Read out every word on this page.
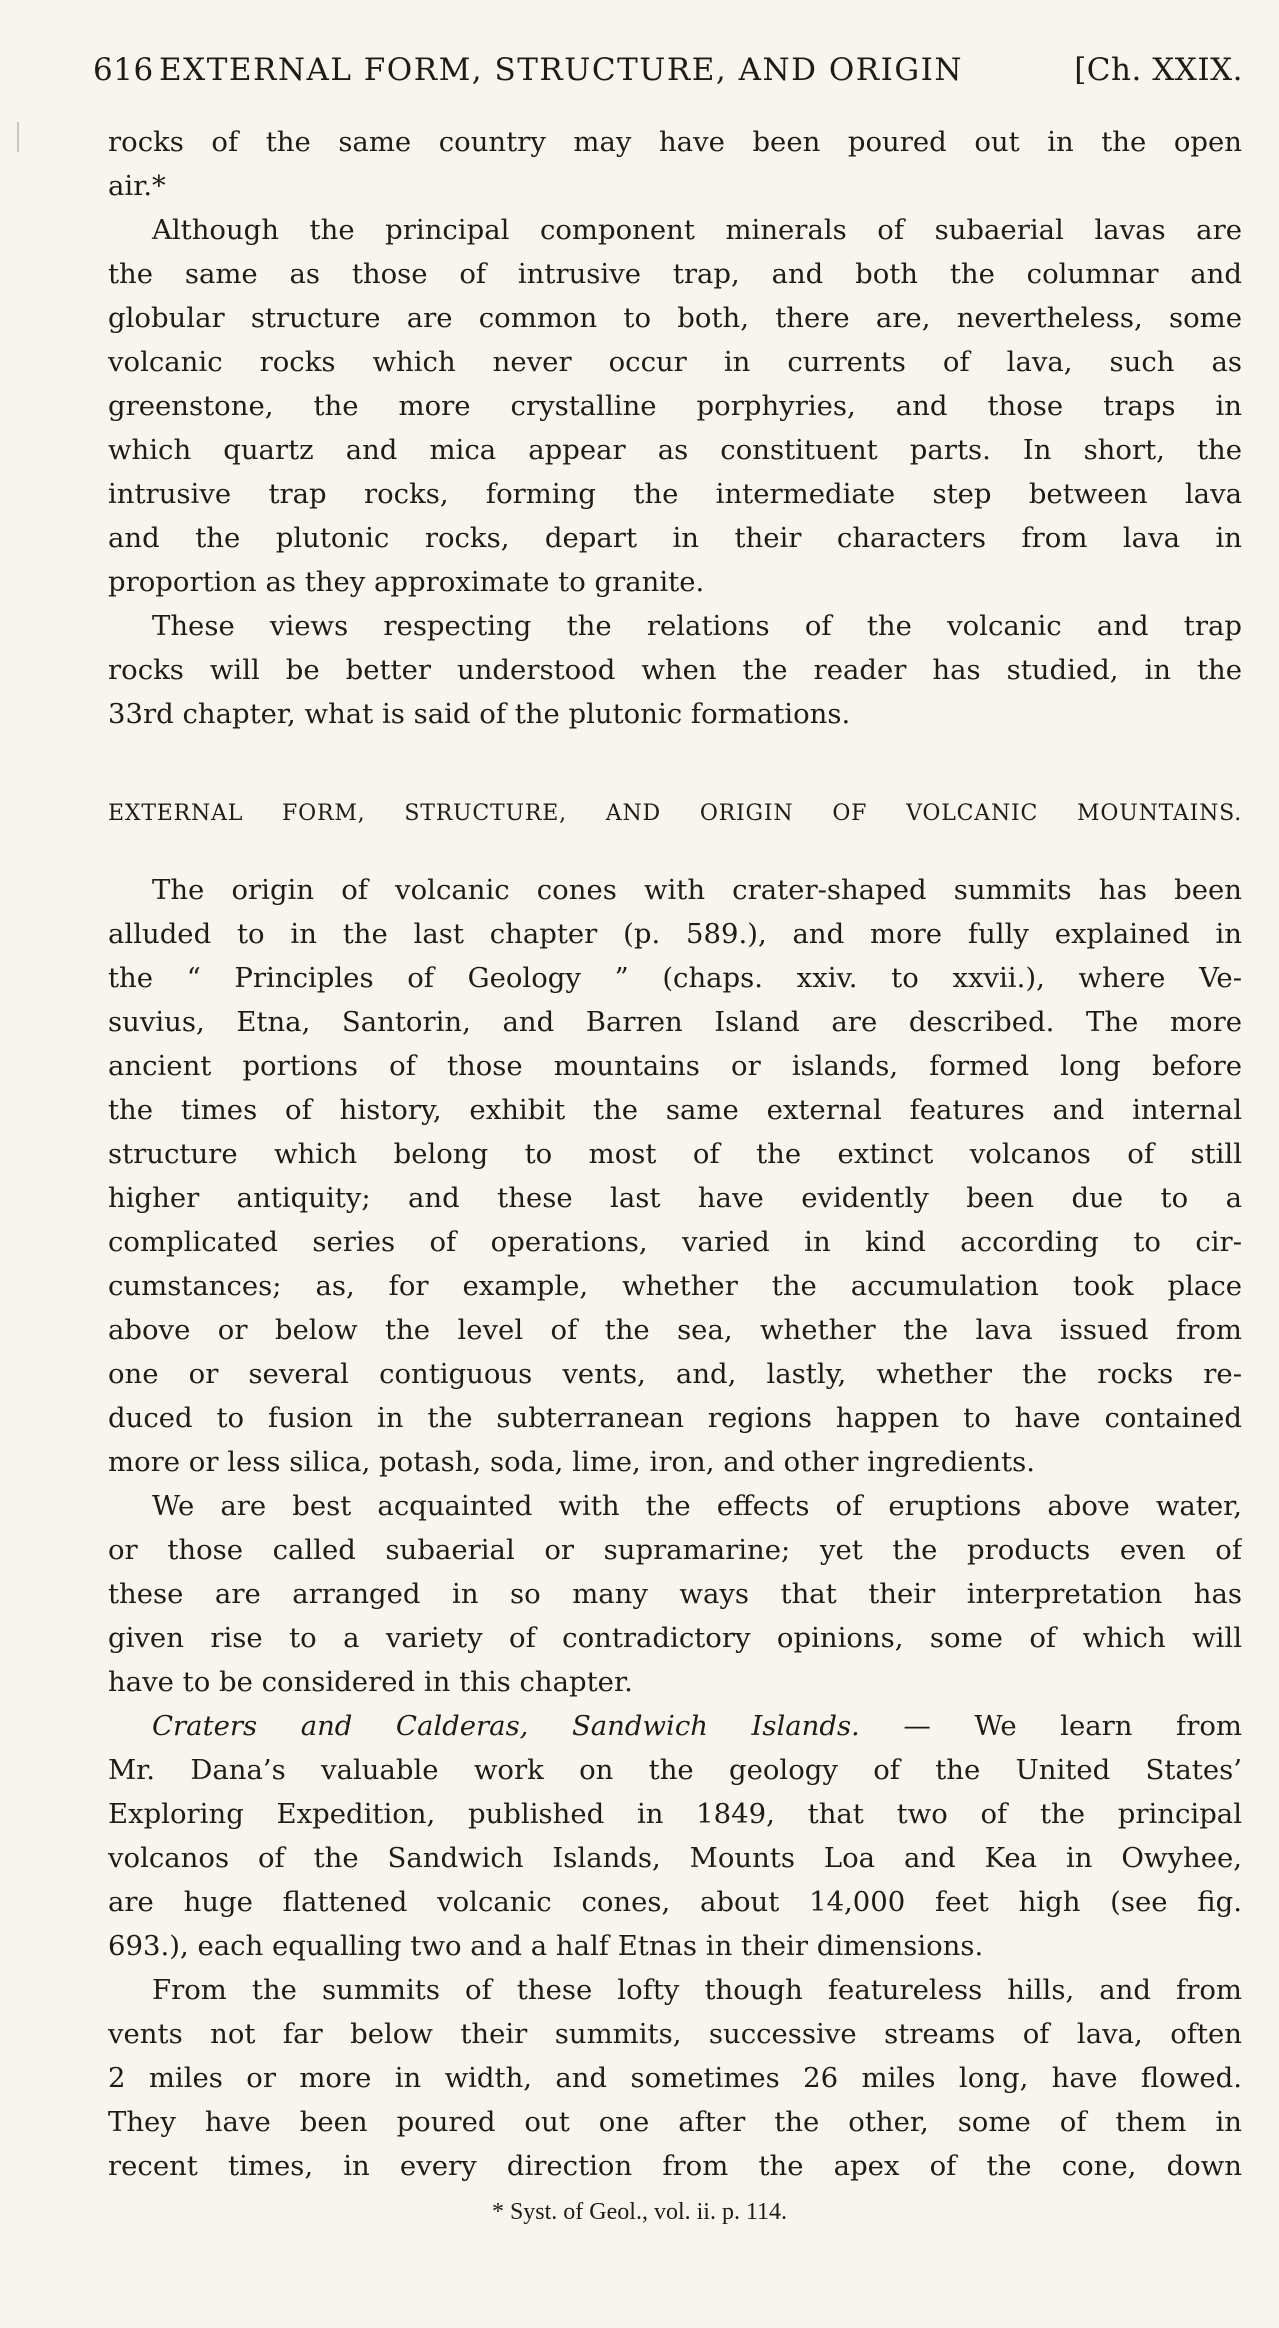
616 EXTERNAL FORM, STRUCTURE, AND ORIGIN	[Ch. XXIX.
rocks of the same country may have been poured out in the open
air.*
Although the principal component minerals of subaerial lavas are
the same as those of intrusive trap, and both the columnar and
globular structure are common to both, there are, nevertheless, some
volcanic rocks which never occur in currents of lava, such as
greenstone, the more crystalline porphyries, and those traps in
which quartz and mica appear as constituent parts. In short, the
intrusive trap rocks, forming the intermediate step between lava
and the plutonic rocks, depart in their characters from lava in
proportion as they approximate to granite.
These views respecting the relations of the volcanic and trap
rocks will be better understood when the reader has studied, in the
33rd chapter, what is said of the plutonic formations.
EXTERNAL FORM, STRUCTURE, AND ORIGIN OF VOLCANIC MOUNTAINS.
The origin of volcanic cones with crater-shaped summits has been
alluded to in the last chapter (p. 589.), and more fully explained in
the “ Principles of Geology ” (chaps. xxiv. to xxvii.), where Ve-
suvius, Etna, Santorin, and Barren Island are described. The more
ancient portions of those mountains or islands, formed long before
the times of history, exhibit the same external features and internal
structure which belong to most of the extinct volcanos of still
higher antiquity; and these last have evidently been due to a
complicated series of operations, varied in kind according to cir-
cumstances; as, for example, whether the accumulation took place
above or below the level of the sea, whether the lava issued from
one or several contiguous vents, and, lastly, whether the rocks re-
duced to fusion in the subterranean regions happen to have contained
more or less silica, potash, soda, lime, iron, and other ingredients.
We are best acquainted with the effects of eruptions above water,
or those called subaerial or supramarine; yet the products even of
these are arranged in so many ways that their interpretation has
given rise to a variety of contradictory opinions, some of which will
have to be considered in this chapter.
Craters and Calderas, Sandwich Islands. — We learn from
Mr. Dana’s valuable work on the geology of the United States’
Exploring Expedition, published in 1849, that two of the principal
volcanos of the Sandwich Islands, Mounts Loa and Kea in Owyhee,
are huge flattened volcanic cones, about 14,000 feet high (see fig.
693.), each equalling two and a half Etnas in their dimensions.
From the summits of these lofty though featureless hills, and from
vents not far below their summits, successive streams of lava, often
2 miles or more in width, and sometimes 26 miles long, have flowed.
They have been poured out one after the other, some of them in
recent times, in every direction from the apex of the cone, down
* Syst. of Geol., vol. ii. p. 114.
